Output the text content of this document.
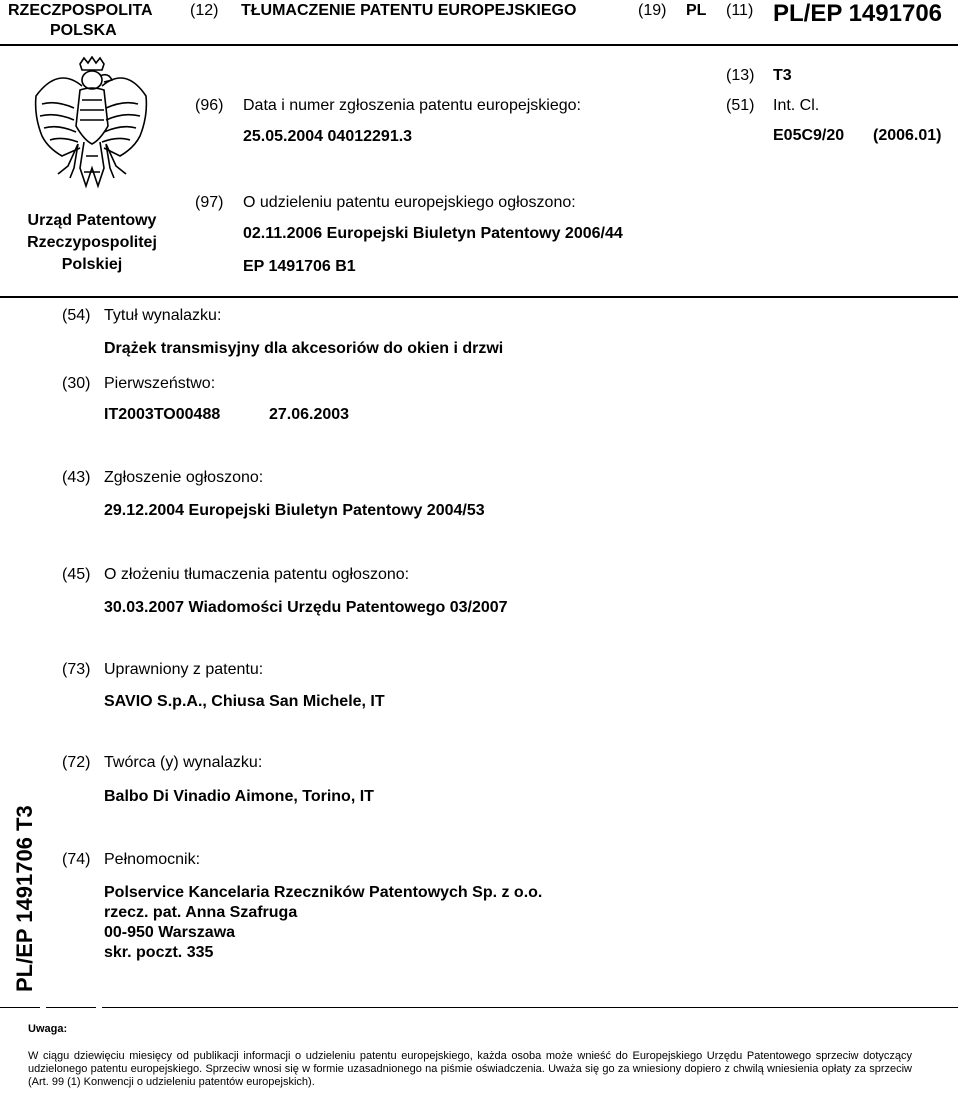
RZECZPOSPOLITA
POLSKA
(12) TŁUMACZENIE PATENTU EUROPEJSKIEGO	(19) PL (11) PL/EP 1491706
Urząd Patentowy
Rzeczypospolitej
Polskiej
(96) Data i numer zgłoszenia patentu europejskiego:
25.05.2004 04012291.3
(13) T3
(51) Int. Cl.
E05C9/20 (2006.01)
(97) O udzieleniu patentu europejskiego ogłoszono:
02.11.2006 Europejski Biuletyn Patentowy 2006/44
EP 1491706 B1
(54) Tytuł wynalazku:
Drążek transmisyjny dla akcesoriów do okien i drzwi
(30) Pierwszeństwo:
IT2003TO00488	27.06.2003
(43) Zgłoszenie ogłoszono:
29.12.2004 Europejski Biuletyn Patentowy 2004/53
(45) O złożeniu tłumaczenia patentu ogłoszono:
30.03.2007 Wiadomości Urzędu Patentowego 03/2007
(73) Uprawniony z patentu:
SAVIO S.p.A., Chiusa San Michele, IT
(72) Twórca (y) wynalazku:
Balbo Di Vinadio Aimone, Torino, IT
(74) Pełnomocnik:
Polservice Kancelaria Rzeczników Patentowych Sp. z o.o.
rzecz. pat. Anna Szafruga
00-950 Warszawa
skr. poczt. 335
PL/EP 1491706 T3
Uwaga:
W ciągu dziewięciu miesięcy od publikacji informacji o udzieleniu patentu europejskiego, każda osoba może wnieść do Europejskiego Urzędu Patentowego sprzeciw dotyczący udzielonego patentu europejskiego. Sprzeciw wnosi się w formie uzasadnionego na piśmie oświadczenia. Uważa się go za wniesiony dopiero z chwilą wniesienia opłaty za sprzeciw (Art. 99 (1) Konwencji o udzieleniu patentów europejskich).
